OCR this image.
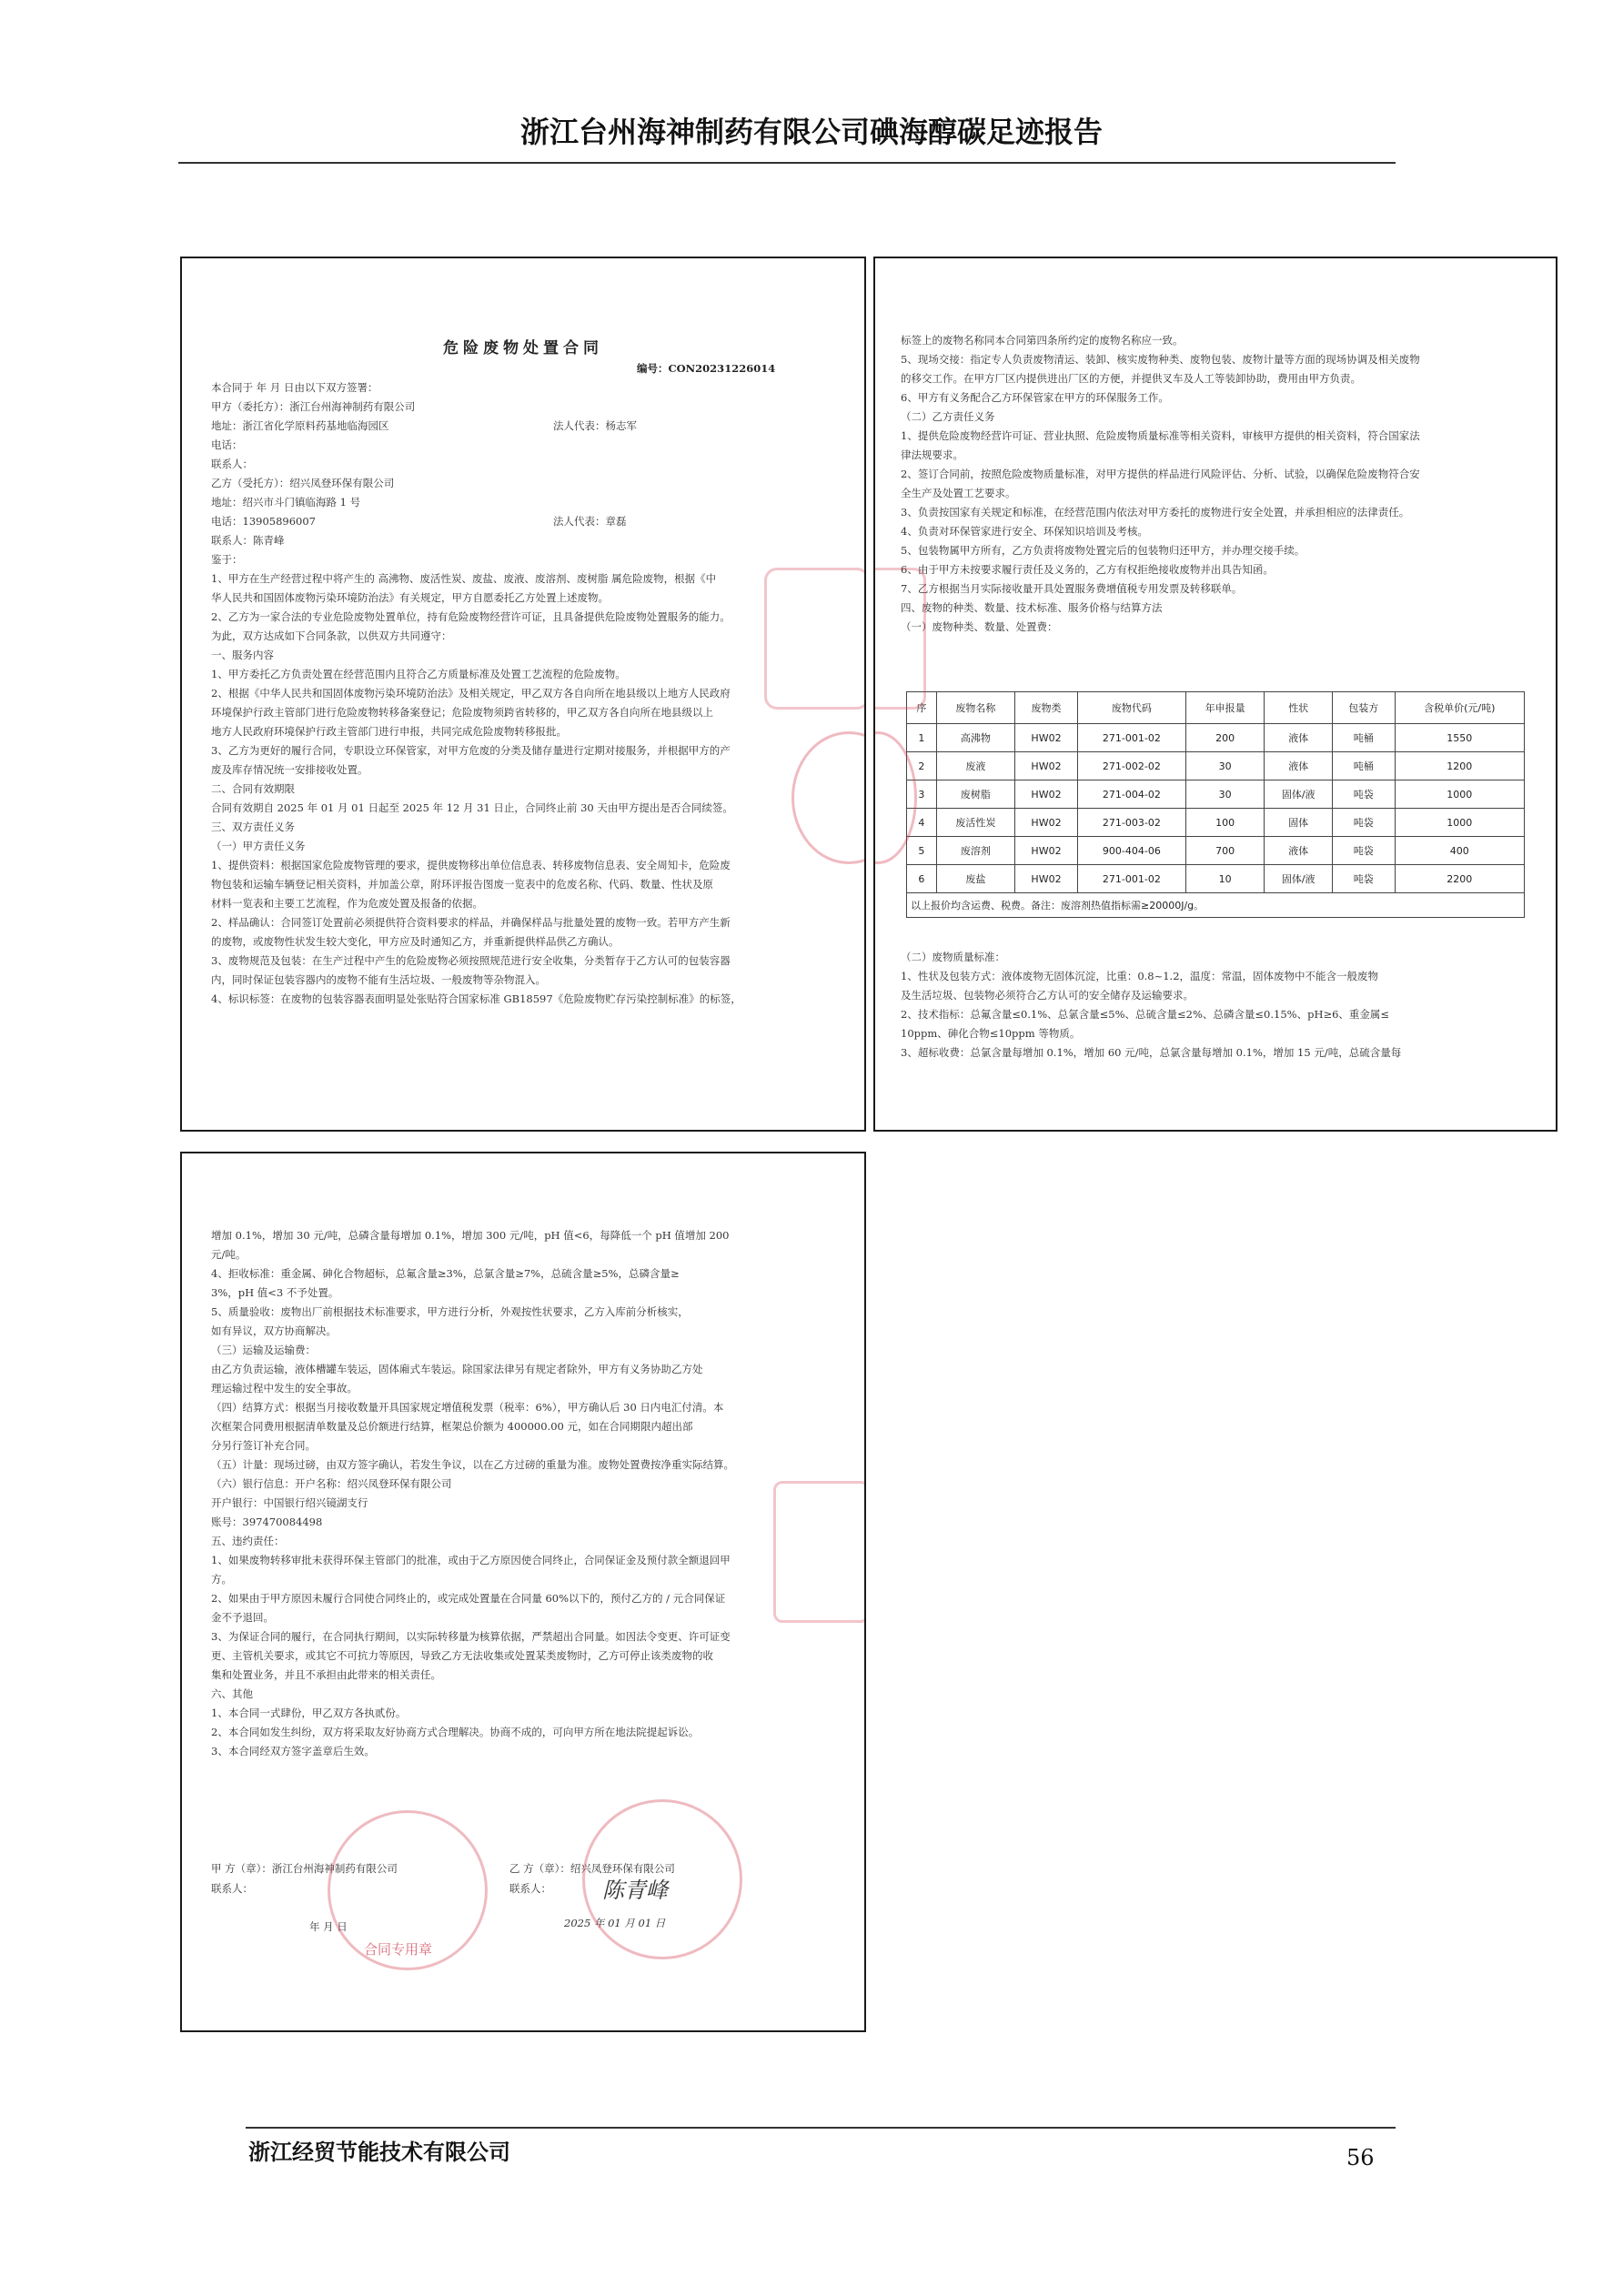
浙江台州海神制药有限公司碘海醇碳足迹报告
危险废物处置合同
编号：CON20231226014

本合同于 年 月 日由以下双方签署：

甲方（委托方）：浙江台州海神制药有限公司

地址：浙江省化学原料药基地临海园区

电话：

联系人：

乙方（受托方）：绍兴凤登环保有限公司

地址：绍兴市斗门镇临海路 1 号

电话：13905896007

联系人：陈青峰

鉴于：

1、甲方在生产经营过程中将产生的 高沸物、废活性炭、废盐、废液、废溶剂、废树脂 属危险废物，根据《中

华人民共和国固体废物污染环境防治法》有关规定，甲方自愿委托乙方处置上述废物。

2、乙方为一家合法的专业危险废物处置单位，持有危险废物经营许可证，且具备提供危险废物处置服务的能力。

为此，双方达成如下合同条款，以供双方共同遵守：

一、服务内容

1、甲方委托乙方负责处置在经营范围内且符合乙方质量标准及处置工艺流程的危险废物。

2、根据《中华人民共和国固体废物污染环境防治法》及相关规定，甲乙双方各自向所在地县级以上地方人民政府

环境保护行政主管部门进行危险废物转移备案登记；危险废物须跨省转移的，甲乙双方各自向所在地县级以上

地方人民政府环境保护行政主管部门进行申报，共同完成危险废物转移报批。

3、乙方为更好的履行合同，专职设立环保管家，对甲方危废的分类及储存量进行定期对接服务，并根据甲方的产

废及库存情况统一安排接收处置。

二、合同有效期限

合同有效期自 2025 年 01 月 01 日起至 2025 年 12 月 31 日止，合同终止前 30 天由甲方提出是否合同续签。

三、双方责任义务

（一）甲方责任义务

1、提供资料：根据国家危险废物管理的要求，提供废物移出单位信息表、转移废物信息表、安全周知卡，危险废

物包装和运输车辆登记相关资料，并加盖公章，附环评报告图废一览表中的危废名称、代码、数量、性状及原

材料一览表和主要工艺流程，作为危废处置及报备的依据。

2、样品确认：合同签订处置前必须提供符合资料要求的样品，并确保样品与批量处置的废物一致。若甲方产生新

的废物，或废物性状发生较大变化，甲方应及时通知乙方，并重新提供样品供乙方确认。

3、废物规范及包装：在生产过程中产生的危险废物必须按照规范进行安全收集，分类暂存于乙方认可的包装容器

内，同时保证包装容器内的废物不能有生活垃圾、一般废物等杂物混入。

4、标识标签：在废物的包装容器表面明显处张贴符合国家标准 GB18597《危险废物贮存污染控制标准》的标签，

法人代表：杨志军
法人代表：章磊

标签上的废物名称同本合同第四条所约定的废物名称应一致。

5、现场交接：指定专人负责废物清运、装卸、核实废物种类、废物包装、废物计量等方面的现场协调及相关废物

的移交工作。在甲方厂区内提供进出厂区的方便，并提供叉车及人工等装卸协助，费用由甲方负责。

6、甲方有义务配合乙方环保管家在甲方的环保服务工作。

（二）乙方责任义务

1、提供危险废物经营许可证、营业执照、危险废物质量标准等相关资料，审核甲方提供的相关资料，符合国家法

律法规要求。

2、签订合同前，按照危险废物质量标准，对甲方提供的样品进行风险评估、分析、试验，以确保危险废物符合安

全生产及处置工艺要求。

3、负责按国家有关规定和标准，在经营范围内依法对甲方委托的废物进行安全处置，并承担相应的法律责任。

4、负责对环保管家进行安全、环保知识培训及考核。

5、包装物属甲方所有，乙方负责将废物处置完后的包装物归还甲方，并办理交接手续。

6、由于甲方未按要求履行责任及义务的，乙方有权拒绝接收废物并出具告知函。

7、乙方根据当月实际接收量开具处置服务费增值税专用发票及转移联单。

四、废物的种类、数量、技术标准、服务价格与结算方法

（一）废物种类、数量、处置费：

序	废物名称	废物类	废物代码	年申报量	性状	包装方	含税单价(元/吨)
1	高沸物	HW02	271-001-02	200	液体	吨桶	1550
2	废液	HW02	271-002-02	30	液体	吨桶	1200
3	废树脂	HW02	271-004-02	30	固体/液	吨袋	1000
4	废活性炭	HW02	271-003-02	100	固体	吨袋	1000
5	废溶剂	HW02	900-404-06	700	液体	吨袋	400
6	废盐	HW02	271-001-02	10	固体/液	吨袋	2200
以上报价均含运费、税费。备注：废溶剂热值指标需≥20000J/g。							

（二）废物质量标准：

1、性状及包装方式：液体废物无固体沉淀，比重：0.8~1.2，温度：常温，固体废物中不能含一般废物

及生活垃圾、包装物必须符合乙方认可的安全储存及运输要求。

2、技术指标：总氟含量≤0.1%、总氯含量≤5%、总硫含量≤2%、总磷含量≤0.15%、pH≥6、重金属≤

10ppm、砷化合物≤10ppm 等物质。

3、超标收费：总氯含量每增加 0.1%，增加 60 元/吨，总氯含量每增加 0.1%，增加 15 元/吨，总硫含量每

增加 0.1%，增加 30 元/吨，总磷含量每增加 0.1%，增加 300 元/吨，pH 值<6，每降低一个 pH 值增加 200

元/吨。

4、拒收标准：重金属、砷化合物超标，总氟含量≥3%，总氯含量≥7%，总硫含量≥5%，总磷含量≥

3%，pH 值<3 不予处置。

5、质量验收：废物出厂前根据技术标准要求，甲方进行分析，外观按性状要求，乙方入库前分析核实，

如有异议，双方协商解决。

（三）运输及运输费：

由乙方负责运输，液体槽罐车装运，固体廂式车装运。除国家法律另有规定者除外，甲方有义务协助乙方处

理运输过程中发生的安全事故。

（四）结算方式：根据当月接收数量开具国家规定增值税发票（税率：6%），甲方确认后 30 日内电汇付清。本

次框架合同费用根据清单数量及总价额进行结算，框架总价额为 400000.00 元，如在合同期限内超出部

分另行签订补充合同。

（五）计量：现场过磅，由双方签字确认，若发生争议，以在乙方过磅的重量为准。废物处置费按净重实际结算。

（六）银行信息：开户名称：绍兴凤登环保有限公司

开户银行：中国银行绍兴镜湖支行

账号：397470084498

五、违约责任：

1、如果废物转移审批未获得环保主管部门的批准，或由于乙方原因使合同终止，合同保证金及预付款全额退回甲

方。

2、如果由于甲方原因未履行合同使合同终止的，或完成处置量在合同量 60%以下的，预付乙方的 / 元合同保证

金不予退回。

3、为保证合同的履行，在合同执行期间，以实际转移量为核算依据，严禁超出合同量。如因法令变更、许可证变

更、主管机关要求，或其它不可抗力等原因，导致乙方无法收集或处置某类废物时，乙方可停止该类废物的收

集和处置业务，并且不承担由此带来的相关责任。

六、其他

1、本合同一式肆份，甲乙双方各执贰份。

2、本合同如发生纠纷，双方将采取友好协商方式合理解决。协商不成的，可向甲方所在地法院提起诉讼。

3、本合同经双方签字盖章后生效。

甲 方（章）：浙江台州海神制药有限公司
联系人：
乙 方（章）：绍兴凤登环保有限公司
联系人：
年 月 日
陈青峰
2025 年 01 月 01 日
合同专用章
浙江经贸节能技术有限公司	56
